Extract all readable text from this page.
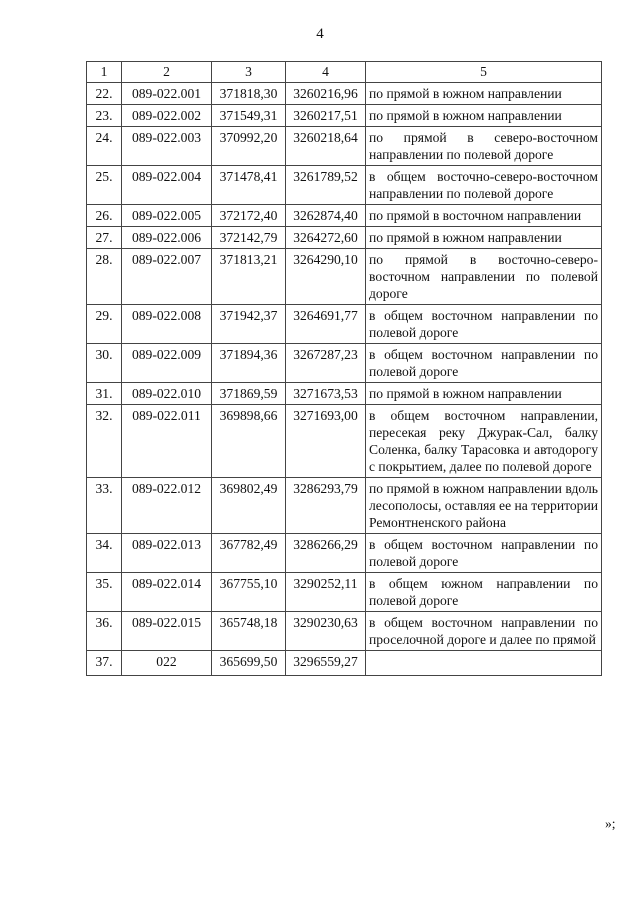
4
1	2	3	4	5
22.	089-022.001	371818,30	3260216,96	по прямой в южном направлении
23.	089-022.002	371549,31	3260217,51	по прямой в южном направлении
24.	089-022.003	370992,20	3260218,64	по прямой в северо-восточном направлении по полевой дороге
25.	089-022.004	371478,41	3261789,52	в общем восточно-северо-восточном направлении по полевой дороге
26.	089-022.005	372172,40	3262874,40	по прямой в восточном направлении
27.	089-022.006	372142,79	3264272,60	по прямой в южном направлении
28.	089-022.007	371813,21	3264290,10	по прямой в восточно-северо-восточном направлении по полевой дороге
29.	089-022.008	371942,37	3264691,77	в общем восточном направлении по полевой дороге
30.	089-022.009	371894,36	3267287,23	в общем восточном направлении по полевой дороге
31.	089-022.010	371869,59	3271673,53	по прямой в южном направлении
32.	089-022.011	369898,66	3271693,00	в общем восточном направлении, пересекая реку Джурак-Сал, балку Соленка, балку Тарасовка и автодорогу с покрытием, далее по полевой дороге
33.	089-022.012	369802,49	3286293,79	по прямой в южном направлении вдоль лесополосы, оставляя ее на территории Ремонтненского района
34.	089-022.013	367782,49	3286266,29	в общем восточном направлении по полевой дороге
35.	089-022.014	367755,10	3290252,11	в общем южном направлении по полевой дороге
36.	089-022.015	365748,18	3290230,63	в общем восточном направлении по проселочной дороге и далее по прямой
37.	022	365699,50	3296559,27	
»;
